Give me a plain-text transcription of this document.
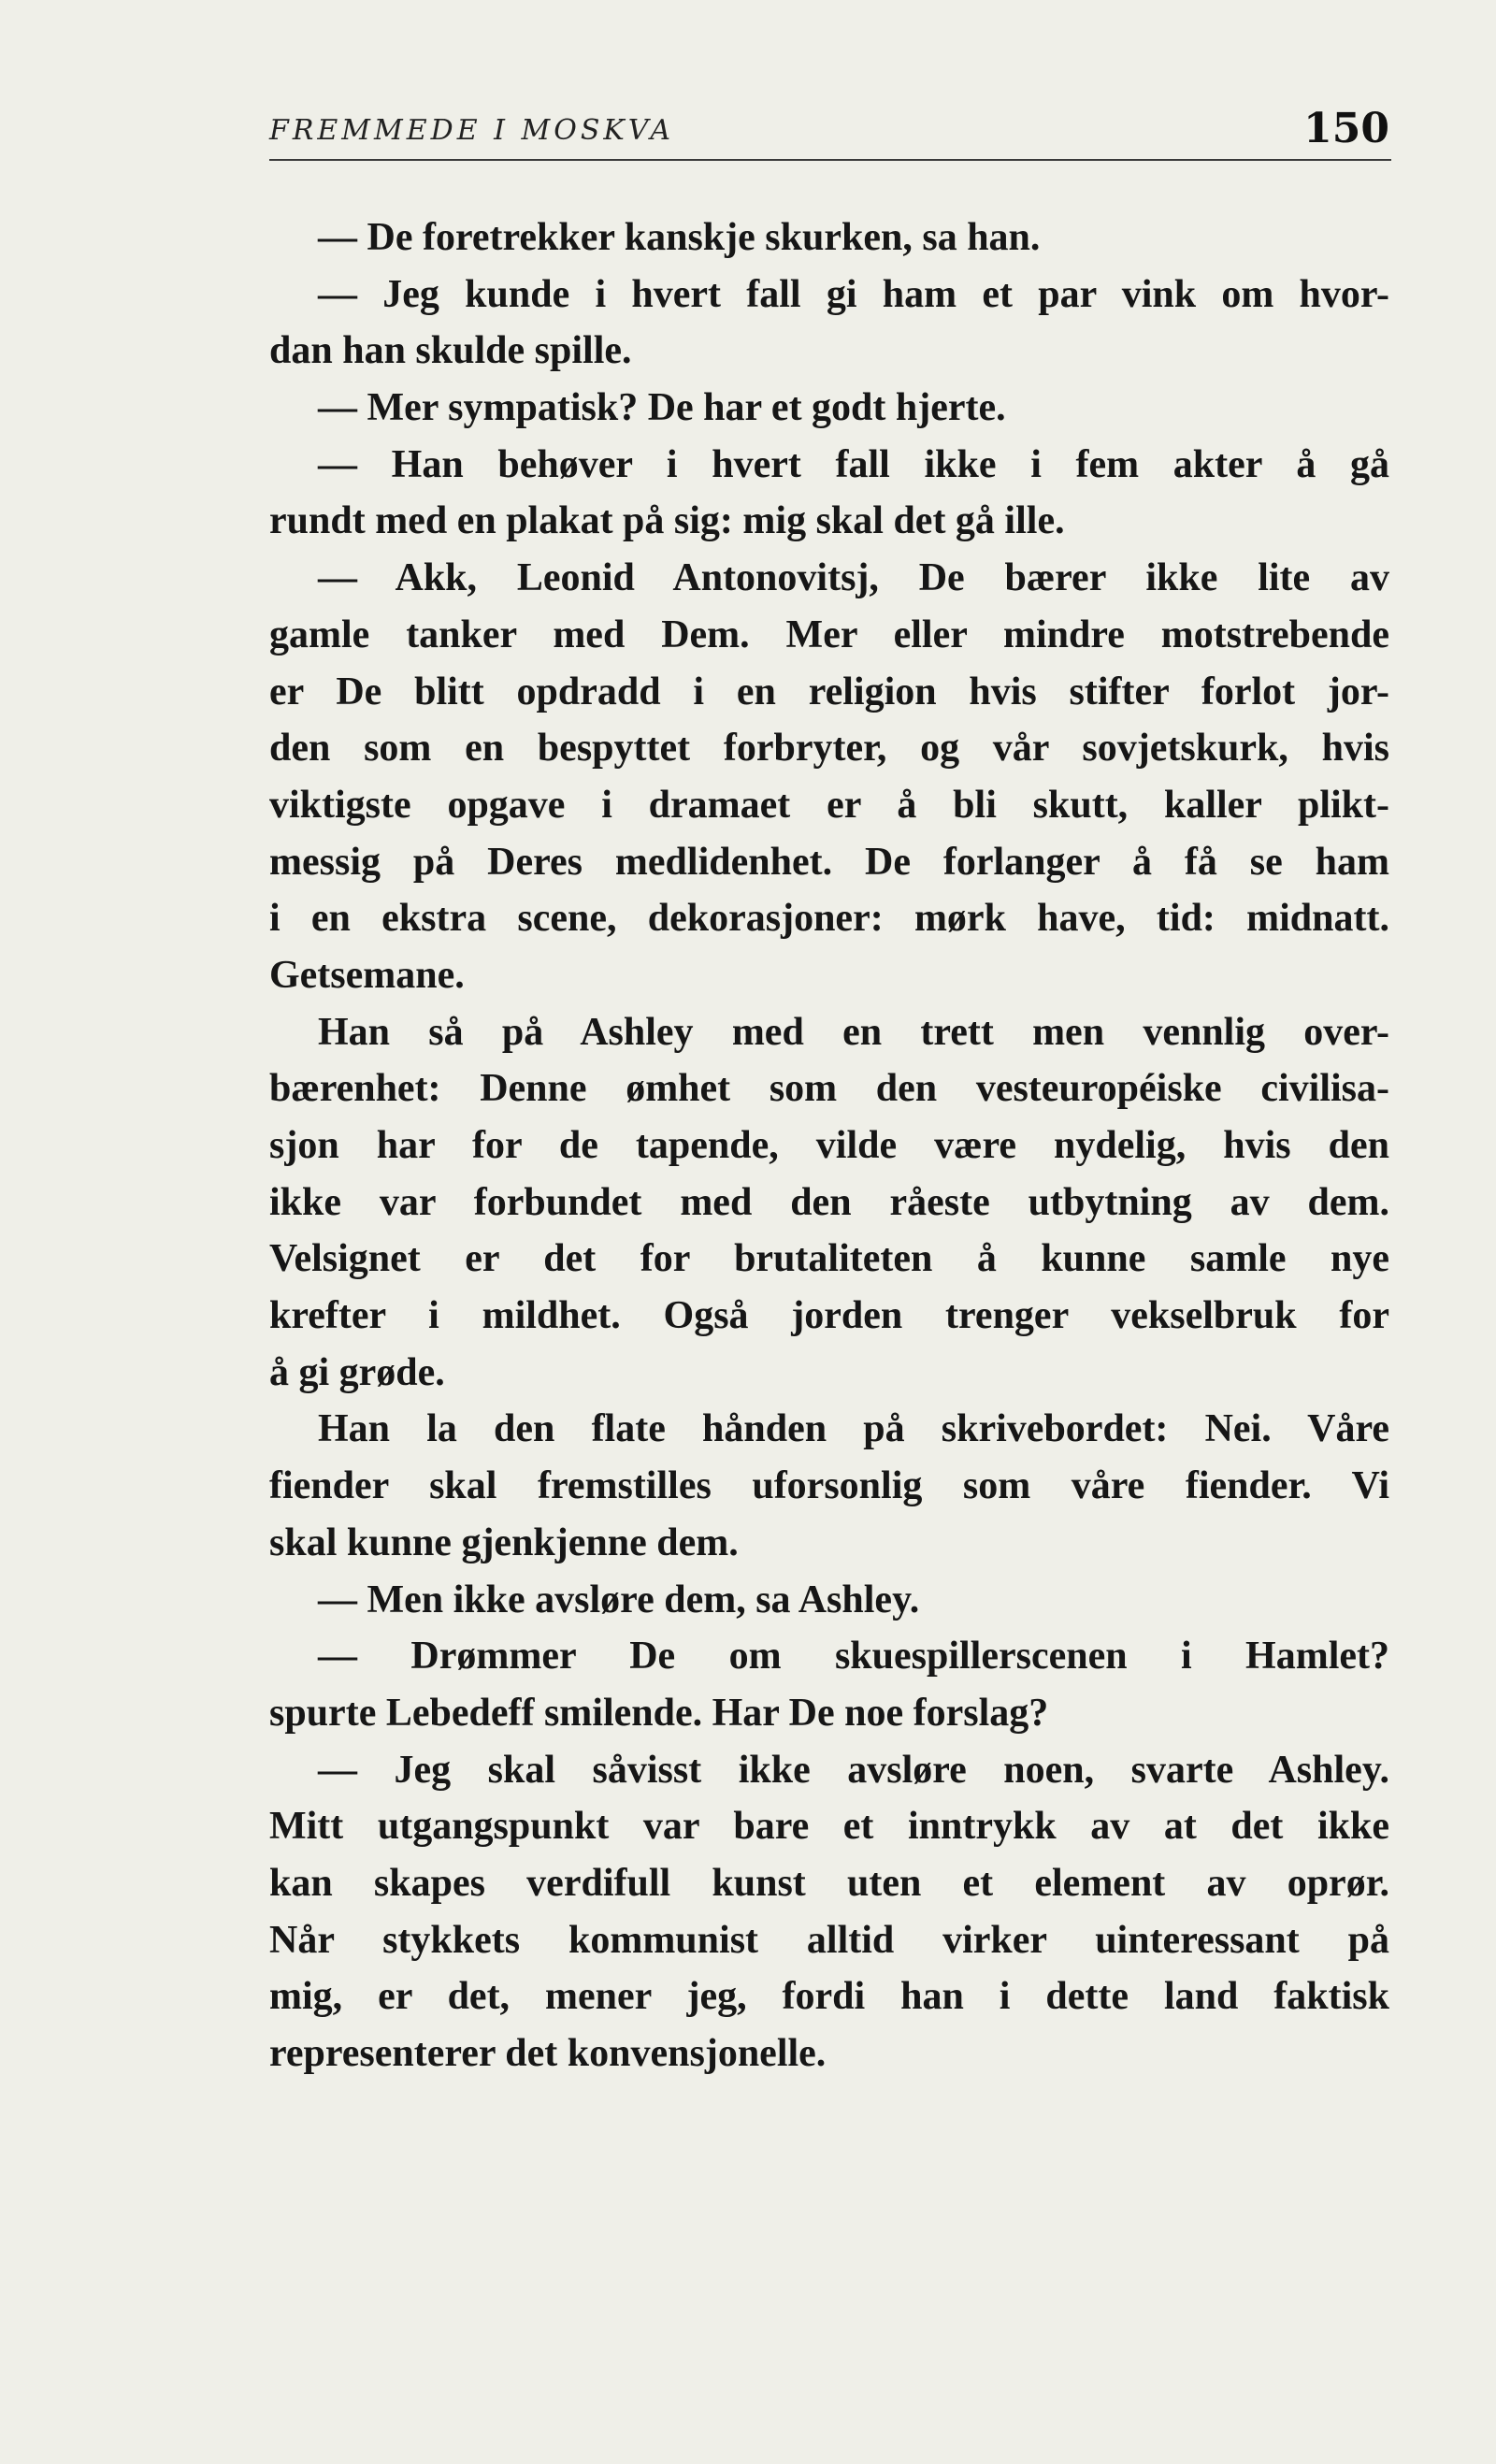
FREMMEDE I MOSKVA	150
— De foretrekker kanskje skurken, sa han.
— Jeg kunde i hvert fall gi ham et par vink om hvor-
dan han skulde spille.
— Mer sympatisk? De har et godt hjerte.
— Han behøver i hvert fall ikke i fem akter å gå
rundt med en plakat på sig: mig skal det gå ille.
— Akk, Leonid Antonovitsj, De bærer ikke lite av
gamle tanker med Dem. Mer eller mindre motstrebende
er De blitt opdradd i en religion hvis stifter forlot jor-
den som en bespyttet forbryter, og vår sovjetskurk, hvis
viktigste opgave i dramaet er å bli skutt, kaller plikt-
messig på Deres medlidenhet. De forlanger å få se ham
i en ekstra scene, dekorasjoner: mørk have, tid: midnatt.
Getsemane.
Han så på Ashley med en trett men vennlig over-
bærenhet: Denne ømhet som den vesteuropéiske civilisa-
sjon har for de tapende, vilde være nydelig, hvis den
ikke var forbundet med den råeste utbytning av dem.
Velsignet er det for brutaliteten å kunne samle nye
krefter i mildhet. Også jorden trenger vekselbruk for
å gi grøde.
Han la den flate hånden på skrivebordet: Nei. Våre
fiender skal fremstilles uforsonlig som våre fiender. Vi
skal kunne gjenkjenne dem.
— Men ikke avsløre dem, sa Ashley.
— Drømmer De om skuespillerscenen i Hamlet?
spurte Lebedeff smilende. Har De noe forslag?
— Jeg skal såvisst ikke avsløre noen, svarte Ashley.
Mitt utgangspunkt var bare et inntrykk av at det ikke
kan skapes verdifull kunst uten et element av oprør.
Når stykkets kommunist alltid virker uinteressant på
mig, er det, mener jeg, fordi han i dette land faktisk
representerer det konvensjonelle.
